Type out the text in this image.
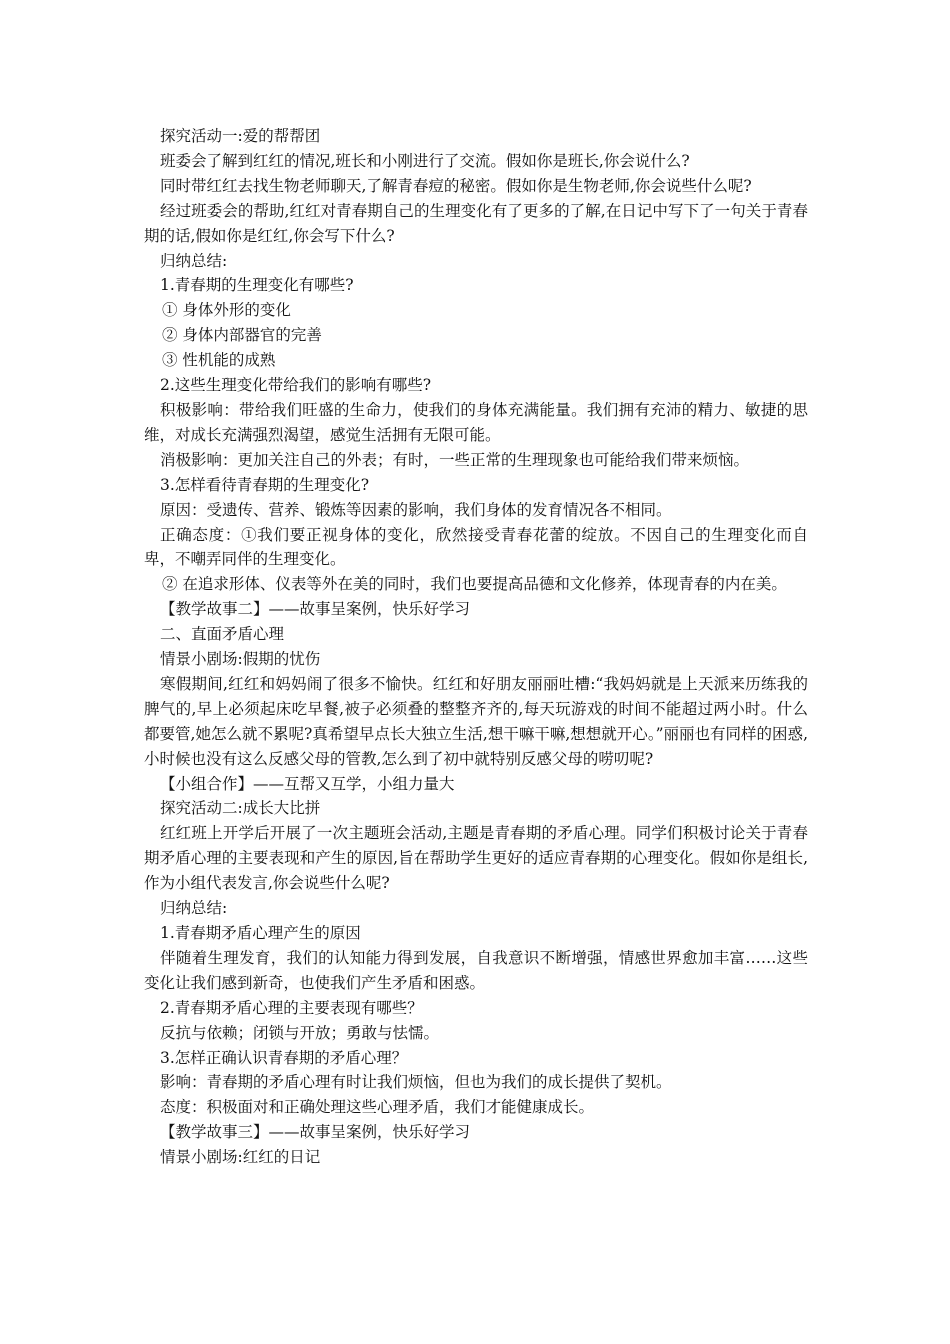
探究活动一:爱的帮帮团

班委会了解到红红的情况,班长和小刚进行了交流。假如你是班长,你会说什么?

同时带红红去找生物老师聊天,了解青春痘的秘密。假如你是生物老师,你会说些什么呢?

经过班委会的帮助,红红对青春期自己的生理变化有了更多的了解,在日记中写下了一句关于青春期的话,假如你是红红,你会写下什么?

归纳总结:

1.青春期的生理变化有哪些?

① 身体外形的变化

② 身体内部器官的完善

③ 性机能的成熟

2.这些生理变化带给我们的影响有哪些?

积极影响：带给我们旺盛的生命力，使我们的身体充满能量。我们拥有充沛的精力、敏捷的思维，对成长充满强烈渴望，感觉生活拥有无限可能。

消极影响：更加关注自己的外表；有时，一些正常的生理现象也可能给我们带来烦恼。

3.怎样看待青春期的生理变化?

原因：受遗传、营养、锻炼等因素的影响，我们身体的发育情况各不相同。

正确态度：①我们要正视身体的变化，欣然接受青春花蕾的绽放。不因自己的生理变化而自卑，不嘲弄同伴的生理变化。

② 在追求形体、仪表等外在美的同时，我们也要提高品德和文化修养，体现青春的内在美。

【教学故事二】——故事呈案例，快乐好学习

二、直面矛盾心理

情景小剧场:假期的忧伤

寒假期间,红红和妈妈闹了很多不愉快。红红和好朋友丽丽吐槽:“我妈妈就是上天派来历练我的脾气的,早上必须起床吃早餐,被子必须叠的整整齐齐的,每天玩游戏的时间不能超过两小时。什么都要管,她怎么就不累呢?真希望早点长大独立生活,想干嘛干嘛,想想就开心。”丽丽也有同样的困惑,小时候也没有这么反感父母的管教,怎么到了初中就特别反感父母的唠叨呢?

【小组合作】——互帮又互学，小组力量大

探究活动二:成长大比拼

红红班上开学后开展了一次主题班会活动,主题是青春期的矛盾心理。同学们积极讨论关于青春期矛盾心理的主要表现和产生的原因,旨在帮助学生更好的适应青春期的心理变化。假如你是组长,作为小组代表发言,你会说些什么呢?

归纳总结:

1.青春期矛盾心理产生的原因

伴随着生理发育，我们的认知能力得到发展，自我意识不断增强，情感世界愈加丰富……这些变化让我们感到新奇，也使我们产生矛盾和困惑。

2.青春期矛盾心理的主要表现有哪些？

反抗与依赖；闭锁与开放；勇敢与怯懦。

3.怎样正确认识青春期的矛盾心理？

影响：青春期的矛盾心理有时让我们烦恼，但也为我们的成长提供了契机。

态度：积极面对和正确处理这些心理矛盾，我们才能健康成长。

【教学故事三】——故事呈案例，快乐好学习

情景小剧场:红红的日记
